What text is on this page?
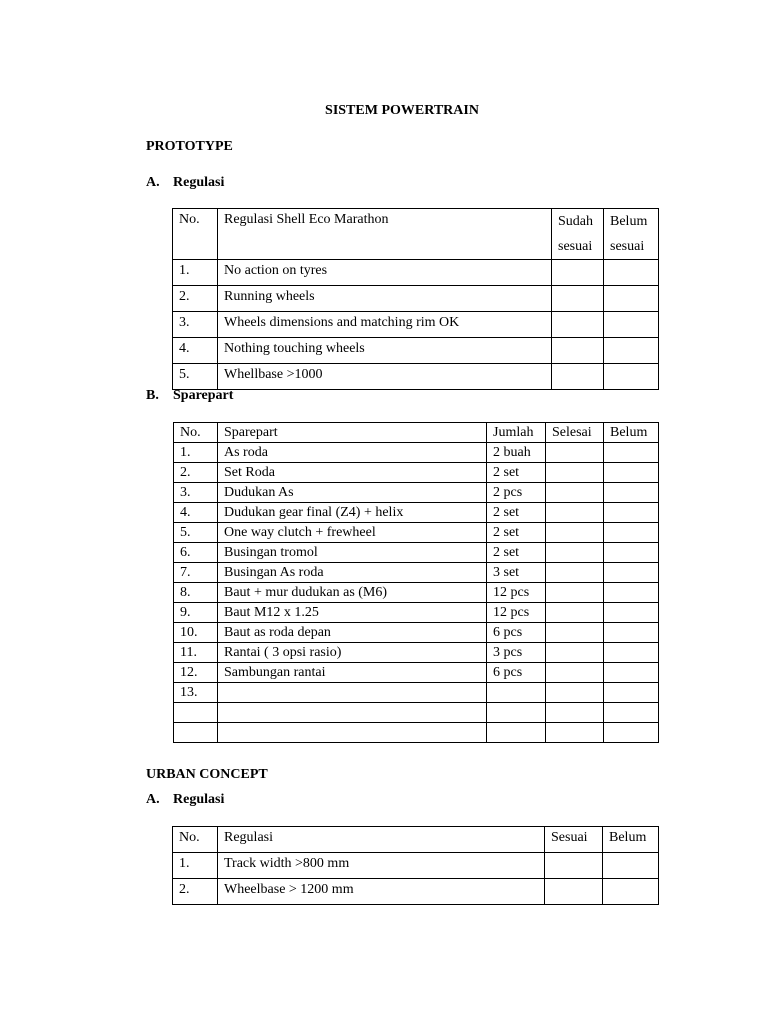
SISTEM POWERTRAIN
PROTOTYPE
A. Regulasi
No.	Regulasi Shell Eco Marathon	Sudah sesuai	Belum sesuai
1.	No action on tyres		
2.	Running wheels		
3.	Wheels dimensions and matching rim OK		
4.	Nothing touching wheels		
5.	Whellbase >1000		
B. Sparepart
No.	Sparepart	Jumlah	Selesai	Belum
1.	As roda	2 buah		
2.	Set Roda	2 set		
3.	Dudukan As	2 pcs		
4.	Dudukan gear final (Z4) + helix	2 set		
5.	One way clutch + frewheel	2 set		
6.	Busingan tromol	2 set		
7.	Busingan As roda	3 set		
8.	Baut + mur dudukan as (M6)	12 pcs		
9.	Baut M12 x 1.25	12 pcs		
10.	Baut as roda depan	6 pcs		
11.	Rantai ( 3 opsi rasio)	3 pcs		
12.	Sambungan rantai	6 pcs		
13.				

URBAN CONCEPT
A. Regulasi
No.	Regulasi	Sesuai	Belum
1.	Track width >800 mm		
2.	Wheelbase > 1200 mm		
